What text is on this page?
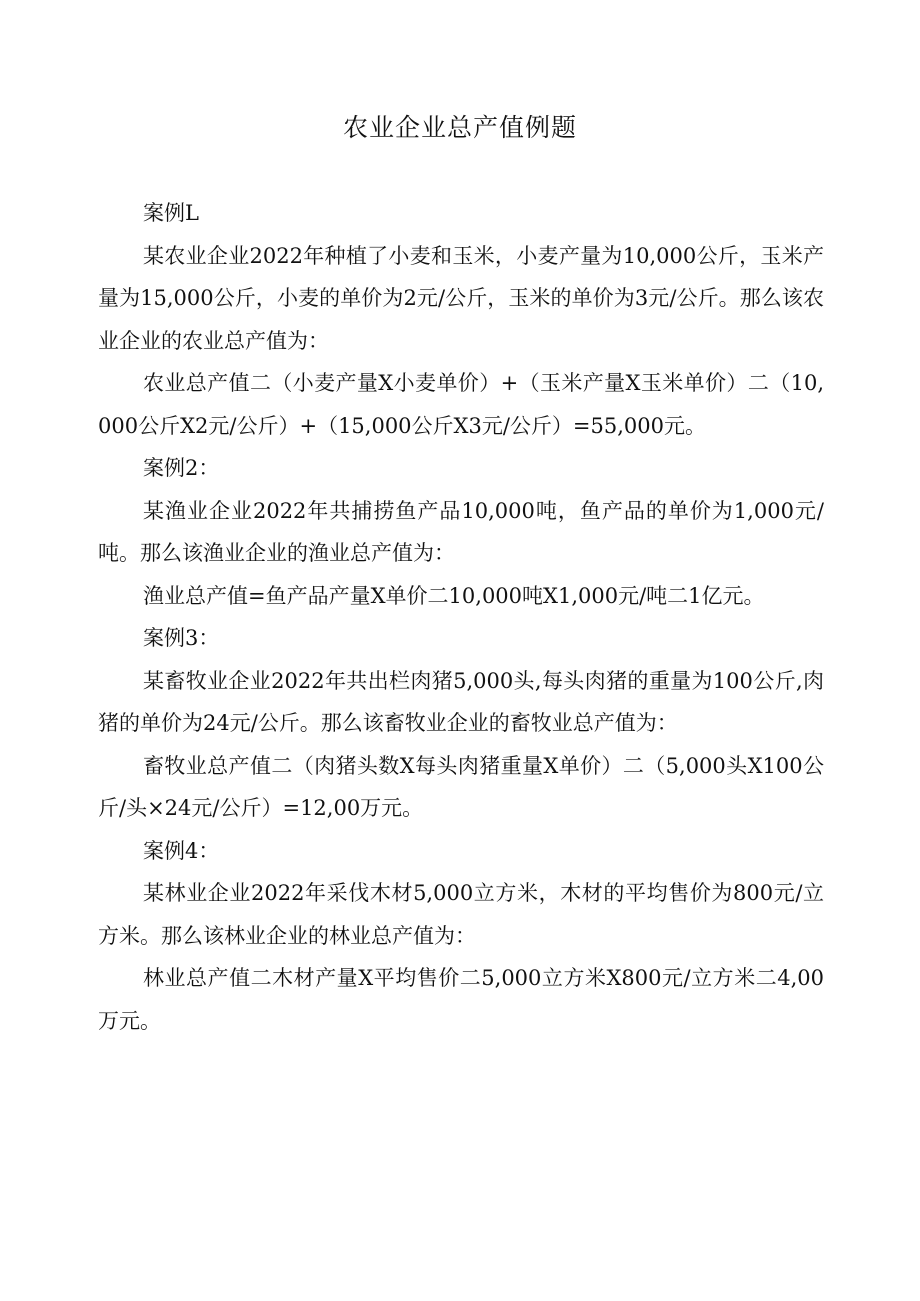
农业企业总产值例题

案例L

某农业企业2022年种植了小麦和玉米，小麦产量为10,000公斤，玉米产量为15,000公斤，小麦的单价为2元/公斤，玉米的单价为3元/公斤。那么该农业企业的农业总产值为：

农业总产值二（小麦产量X小麦单价）+（玉米产量X玉米单价）二（10,000公斤X2元/公斤）+（15,000公斤X3元/公斤）=55,000元。

案例2：

某渔业企业2022年共捕捞鱼产品10,000吨，鱼产品的单价为1,000元/吨。那么该渔业企业的渔业总产值为：

渔业总产值=鱼产品产量X单价二10,000吨X1,000元/吨二1亿元。

案例3：

某畜牧业企业2022年共出栏肉猪5,000头,每头肉猪的重量为100公斤,肉猪的单价为24元/公斤。那么该畜牧业企业的畜牧业总产值为：

畜牧业总产值二（肉猪头数X每头肉猪重量X单价）二（5,000头X100公斤/头×24元/公斤）=12,00万元。

案例4：

某林业企业2022年采伐木材5,000立方米，木材的平均售价为800元/立方米。那么该林业企业的林业总产值为：

林业总产值二木材产量X平均售价二5,000立方米X800元/立方米二4,00万元。
